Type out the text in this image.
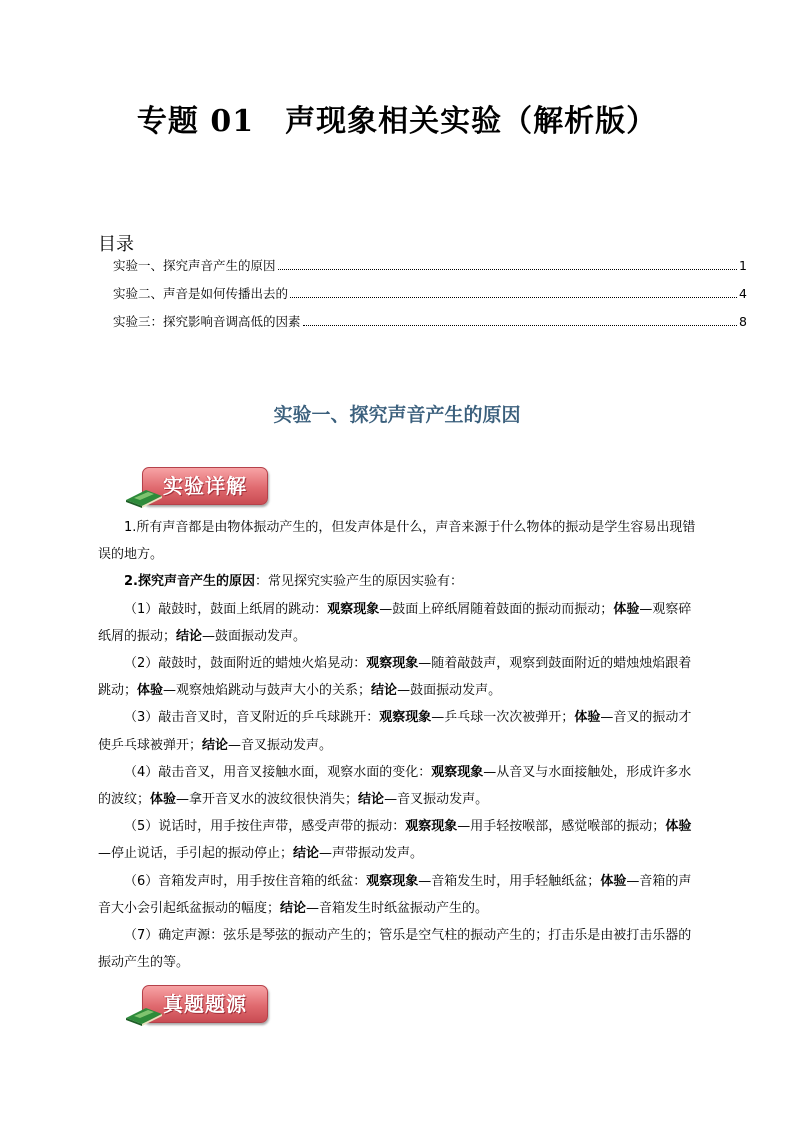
专题 01　声现象相关实验（解析版）
目录
实验一、探究声音产生的原因	1
实验二、声音是如何传播出去的	4
实验三：探究影响音调高低的因素	8
实验一、探究声音产生的原因
实验详解

1.所有声音都是由物体振动产生的，但发声体是什么，声音来源于什么物体的振动是学生容易出现错误的地方。

2.探究声音产生的原因：常见探究实验产生的原因实验有：

（1）敲鼓时，鼓面上纸屑的跳动：观察现象—鼓面上碎纸屑随着鼓面的振动而振动；体验—观察碎纸屑的振动；结论—鼓面振动发声。

（2）敲鼓时，鼓面附近的蜡烛火焰晃动：观察现象—随着敲鼓声，观察到鼓面附近的蜡烛烛焰跟着跳动；体验—观察烛焰跳动与鼓声大小的关系；结论—鼓面振动发声。

（3）敲击音叉时，音叉附近的乒乓球跳开：观察现象—乒乓球一次次被弹开；体验—音叉的振动才使乒乓球被弹开；结论—音叉振动发声。

（4）敲击音叉，用音叉接触水面，观察水面的变化：观察现象—从音叉与水面接触处，形成许多水的波纹；体验—拿开音叉水的波纹很快消失；结论—音叉振动发声。

（5）说话时，用手按住声带，感受声带的振动：观察现象—用手轻按喉部，感觉喉部的振动；体验—停止说话，手引起的振动停止；结论—声带振动发声。

（6）音箱发声时，用手按住音箱的纸盆：观察现象—音箱发生时，用手轻触纸盆；体验—音箱的声音大小会引起纸盆振动的幅度；结论—音箱发生时纸盆振动产生的。

（7）确定声源：弦乐是琴弦的振动产生的；管乐是空气柱的振动产生的；打击乐是由被打击乐器的振动产生的等。

真题题源
